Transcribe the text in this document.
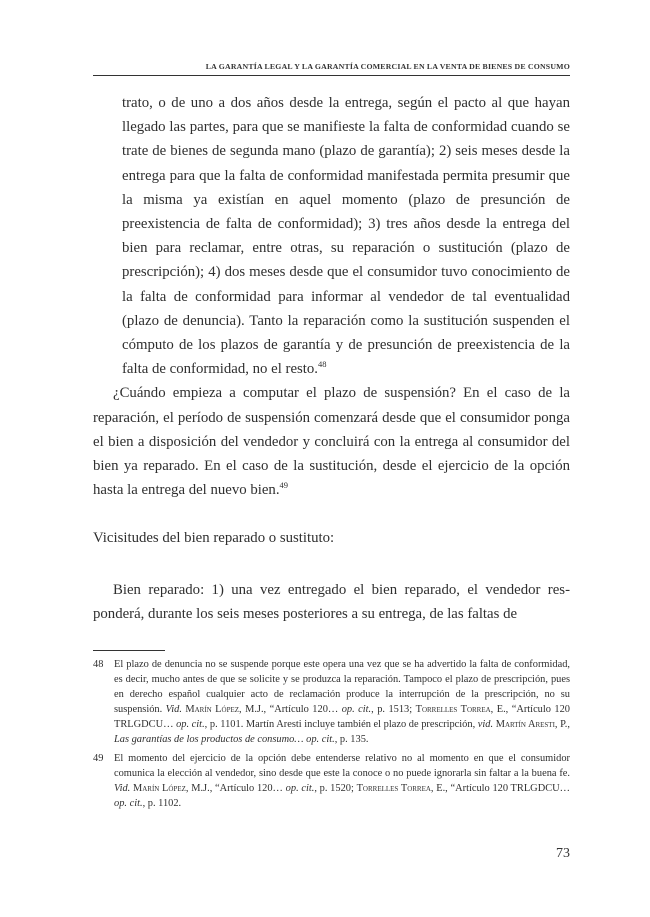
LA GARANTÍA LEGAL Y LA GARANTÍA COMERCIAL EN LA VENTA DE BIENES DE CONSUMO

trato, o de uno a dos años desde la entrega, según el pacto al que hayan llegado las partes, para que se manifieste la falta de conformidad cuando se trate de bienes de segunda mano (plazo de garantía); 2) seis meses desde la entrega para que la falta de conformidad manifestada permita presumir que la misma ya existían en aquel momento (plazo de presunción de preexistencia de falta de conformidad); 3) tres años desde la entrega del bien para reclamar, entre otras, su reparación o sustitución (plazo de prescripción); 4) dos meses desde que el consumidor tuvo conocimiento de la falta de conformidad para informar al vendedor de tal eventualidad (plazo de denuncia). Tanto la reparación como la sustitución suspenden el cómputo de los plazos de garantía y de presunción de preexistencia de la falta de conformidad, no el resto.$^{48}$

¿Cuándo empieza a computar el plazo de suspensión? En el caso de la reparación, el período de suspensión comenzará desde que el consumidor ponga el bien a disposición del vendedor y concluirá con la entrega al consumidor del bien ya reparado. En el caso de la sustitución, desde el ejercicio de la opción hasta la entrega del nuevo bien.$^{49}$

Vicisitudes del bien reparado o sustituto:

Bien reparado: 1) una vez entregado el bien reparado, el vendedor responderá, durante los seis meses posteriores a su entrega, de las faltas de

48 El plazo de denuncia no se suspende porque este opera una vez que se ha advertido la falta de conformidad, es decir, mucho antes de que se solicite y se produzca la reparación. Tampoco el plazo de prescripción, pues en derecho español cualquier acto de reclamación produce la interrupción de la prescripción, no su suspensión. Vid. Marín López, M.J., “Artículo 120… op. cit., p. 1513; Torrelles Torrea, E., “Artículo 120 TRLGDCU… op. cit., p. 1101. Martín Aresti incluye también el plazo de prescripción, vid. Martín Aresti, P., Las garantías de los productos de consumo… op. cit., p. 135.
49 El momento del ejercicio de la opción debe entenderse relativo no al momento en que el consumidor comunica la elección al vendedor, sino desde que este la conoce o no puede ignorarla sin faltar a la buena fe. Vid. Marín López, M.J., “Artículo 120… op. cit., p. 1520; Torrelles Torrea, E., “Artículo 120 TRLGDCU… op. cit., p. 1102.
73
